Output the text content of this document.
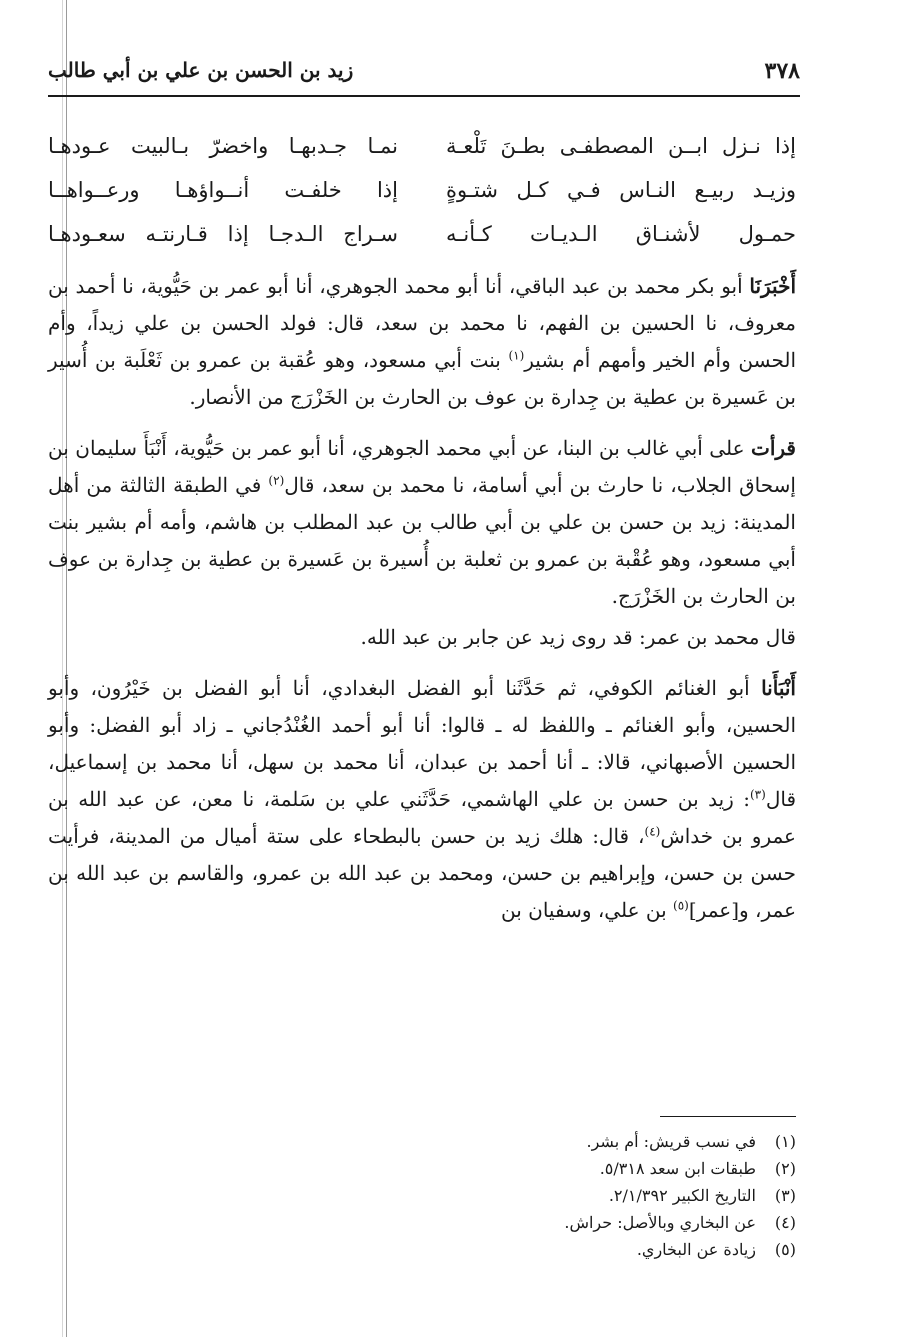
٣٧٨
زيد بن الحسن بن علي بن أبي طالب
إذا نـزل ابــن المصطفـى بطـنَ تَلْعـة
نمـا جـدبهـا واخضرّ بـالبيت عـودهـا
وزيـد ربيـع النـاس فـي كـل شتـوةٍ
إذا خلفـت أنــواؤهـا ورعــواهــا
حمـول لأشنـاق الـديـات كـأنـه
سـراج الـدجـا إذا قـارنتـه سعـودهـا

أَخْبَرَنَا أبو بكر محمد بن عبد الباقي، أنا أبو محمد الجوهري، أنا أبو عمر بن حَيُّوية، نا أحمد بن معروف، نا الحسين بن الفهم، نا محمد بن سعد، قال: فولد الحسن بن علي زيداً، وأم الحسن وأم الخير وأمهم أم بشير$^{(١)}$ بنت أبي مسعود، وهو عُقبة بن عمرو بن ثَعْلَبة بن أُسير بن عَسيرة بن عطية بن جِدارة بن عوف بن الحارث بن الخَزْرَج من الأنصار.

قرأت على أبي غالب بن البنا، عن أبي محمد الجوهري، أنا أبو عمر بن حَيُّوية، أَنْبَأَ سليمان بن إسحاق الجلاب، نا حارث بن أبي أسامة، نا محمد بن سعد، قال$^{(٢)}$ في الطبقة الثالثة من أهل المدينة: زيد بن حسن بن علي بن أبي طالب بن عبد المطلب بن هاشم، وأمه أم بشير بنت أبي مسعود، وهو عُقْبة بن عمرو بن ثعلبة بن أُسيرة بن عَسيرة بن عطية بن جِدارة بن عوف بن الحارث بن الخَزْرَج.

قال محمد بن عمر: قد روى زيد عن جابر بن عبد الله.

أَنْبَأَنا أبو الغنائم الكوفي، ثم حَدَّثَنا أبو الفضل البغدادي، أنا أبو الفضل بن خَيْرُون، وأبو الحسين، وأبو الغنائم ـ واللفظ له ـ قالوا: أنا أبو أحمد الغُنْدُجاني ـ زاد أبو الفضل: وأبو الحسين الأصبهاني، قالا: ـ أنا أحمد بن عبدان، أنا محمد بن سهل، أنا محمد بن إسماعيل، قال$^{(٣)}$: زيد بن حسن بن علي الهاشمي، حَدَّثَني علي بن سَلمة، نا معن، عن عبد الله بن عمرو بن خداش$^{(٤)}$، قال: هلك زيد بن حسن بالبطحاء على ستة أميال من المدينة، فرأيت حسن بن حسن، وإبراهيم بن حسن، ومحمد بن عبد الله بن عمرو، والقاسم بن عبد الله بن عمر، و[عمر]$^{(٥)}$ بن علي، وسفيان بن

(١)
في نسب قريش: أم بشر.
(٢)
طبقات ابن سعد ٥/٣١٨.
(٣)
التاريخ الكبير ٢/١/٣٩٢.
(٤)
عن البخاري وبالأصل: حراش.
(٥)
زيادة عن البخاري.
